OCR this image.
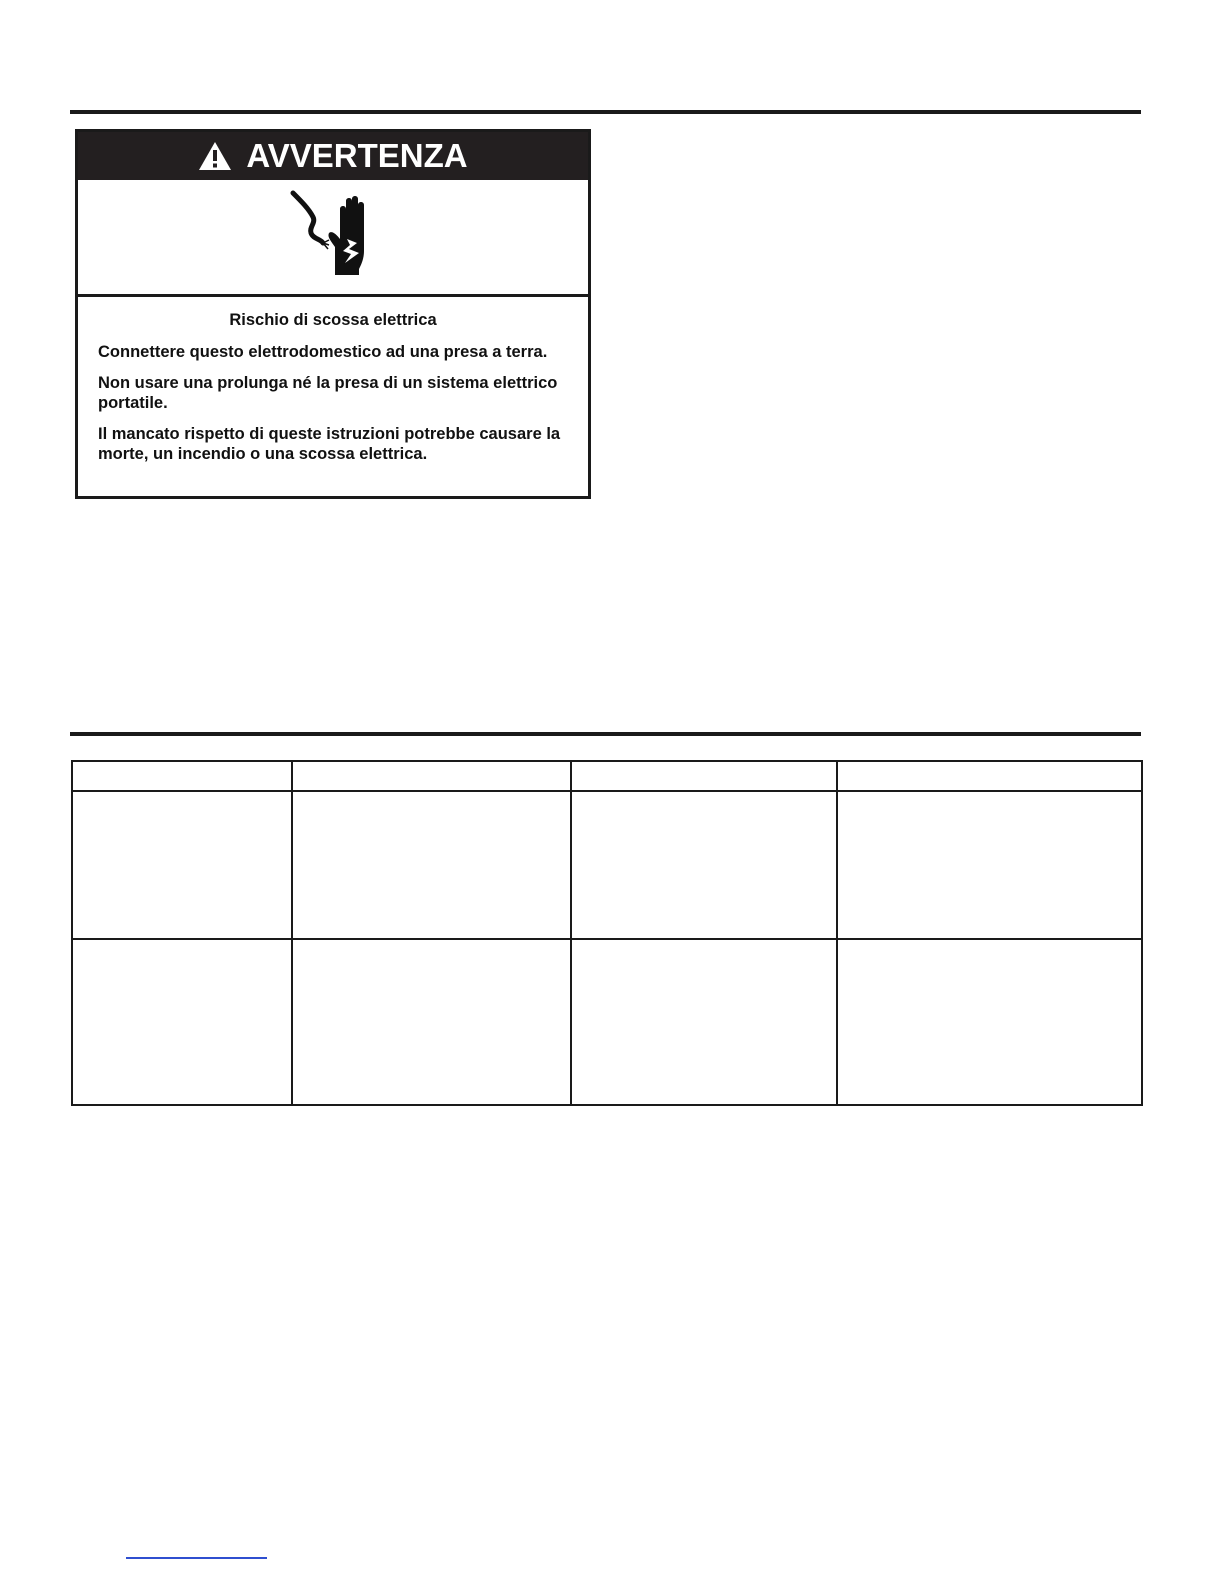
AVVERTENZA
Rischio di scossa elettrica

Connettere questo elettrodomestico ad una presa a terra.

Non usare una prolunga né la presa di un sistema elettrico portatile.

Il mancato rispetto di queste istruzioni potrebbe causare la morte, un incendio o una scossa elettrica.
